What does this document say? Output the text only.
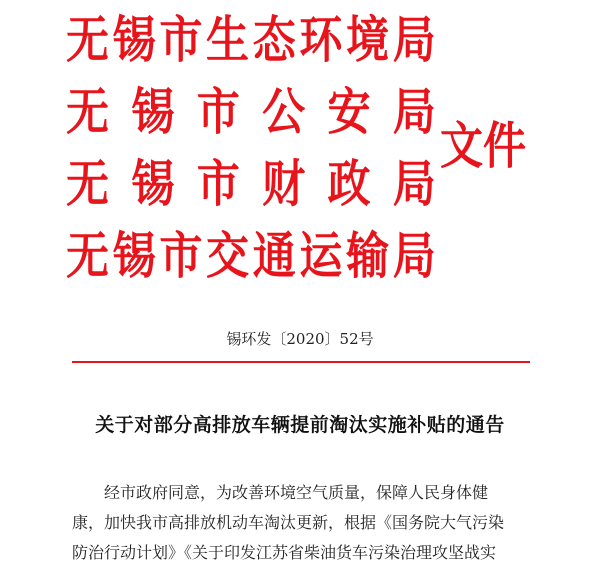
无 锡 市 生 态 环 境 局
无 锡 市 公 安 局
无 锡 市 财 政 局
无 锡 市 交 通 运 输 局
文件
锡环发〔2020〕52号
关于对部分高排放车辆提前淘汰实施补贴的通告
经市政府同意，为改善环境空气质量，保障人民身体健
康，加快我市高排放机动车淘汰更新，根据《国务院大气污染
防治行动计划》《关于印发江苏省柴油货车污染治理攻坚战实
